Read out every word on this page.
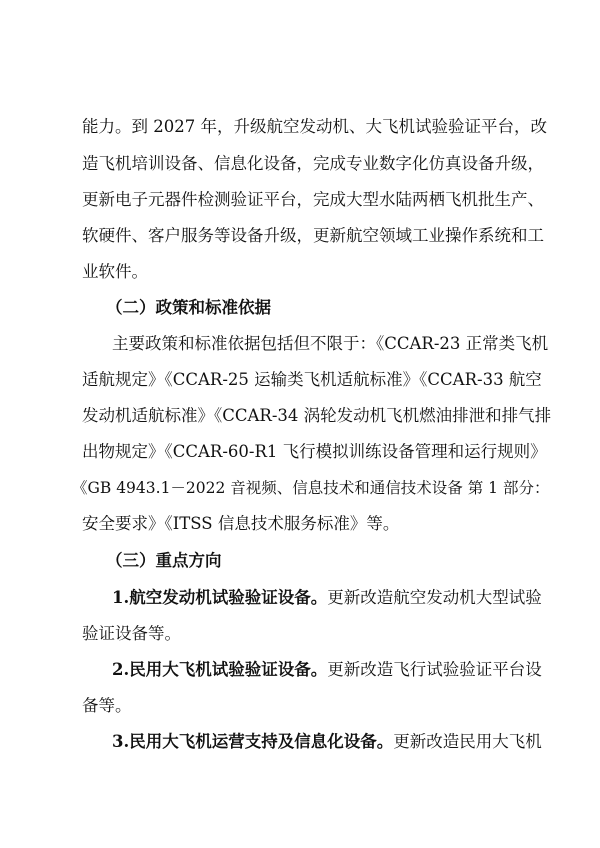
能力。到 2027 年，升级航空发动机、大飞机试验验证平台，改
造飞机培训设备、信息化设备，完成专业数字化仿真设备升级，
更新电子元器件检测验证平台，完成大型水陆两栖飞机批生产、
软硬件、客户服务等设备升级，更新航空领域工业操作系统和工
业软件。
（二）政策和标准依据
主要政策和标准依据包括但不限于：《CCAR-23 正常类飞机
适航规定》《CCAR-25 运输类飞机适航标准》《CCAR-33 航空
发动机适航标准》《CCAR-34 涡轮发动机飞机燃油排泄和排气排
出物规定》《CCAR-60-R1 飞行模拟训练设备管理和运行规则》
《GB 4943.1－2022 音视频、信息技术和通信技术设备 第 1 部分：
安全要求》《ITSS 信息技术服务标准》等。
（三）重点方向
1.航空发动机试验验证设备。更新改造航空发动机大型试验
验证设备等。
2.民用大飞机试验验证设备。更新改造飞行试验验证平台设
备等。
3.民用大飞机运营支持及信息化设备。更新改造民用大飞机
